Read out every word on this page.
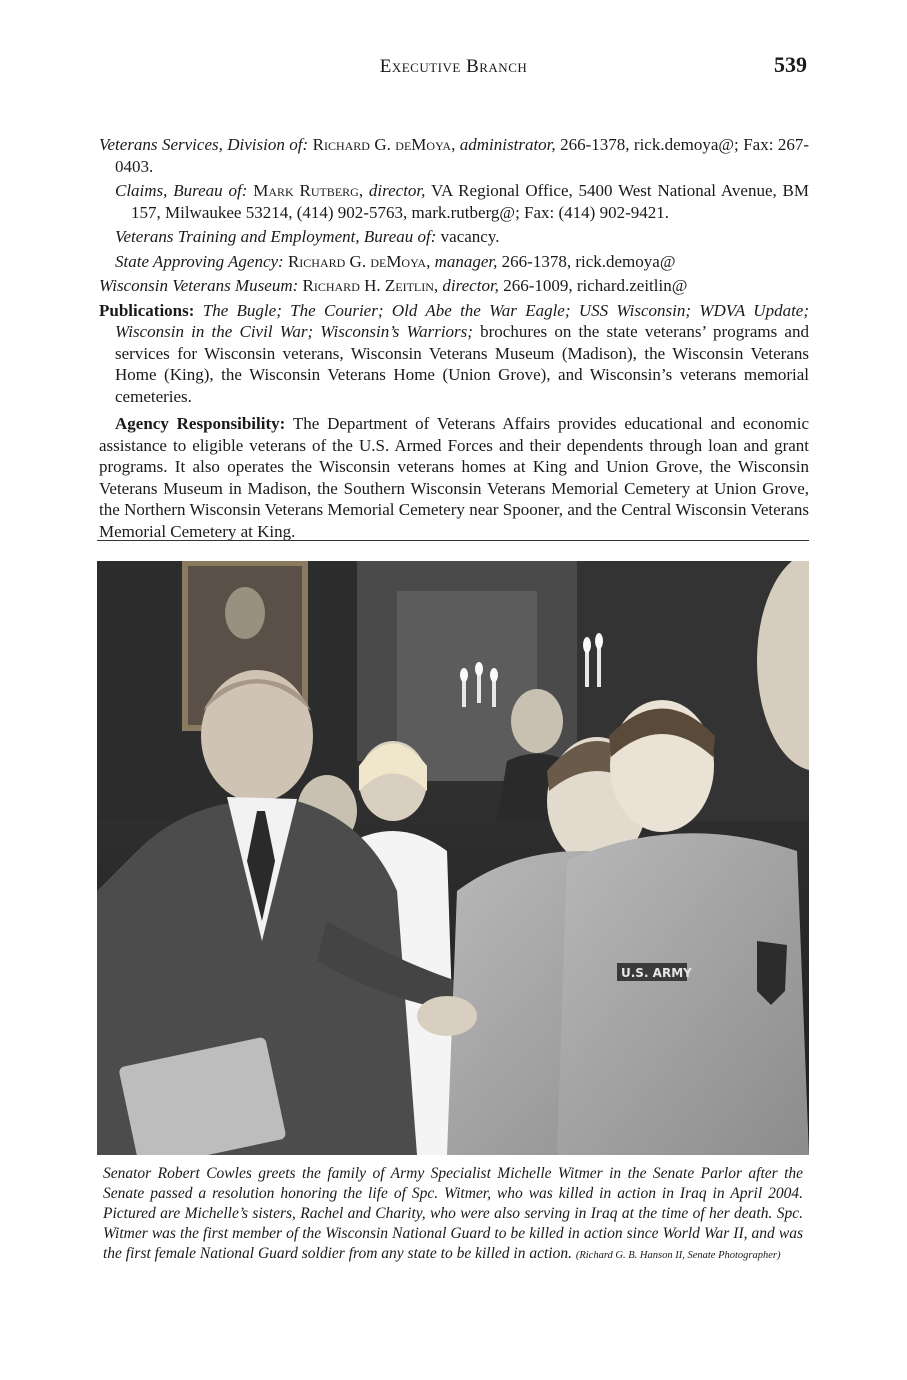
Executive Branch	539

Veterans Services, Division of: Richard G. deMoya, administrator, 266-1378, rick.demoya@; Fax: 267-0403.

Claims, Bureau of: Mark Rutberg, director, VA Regional Office, 5400 West National Avenue, BM 157, Milwaukee 53214, (414) 902-5763, mark.rutberg@; Fax: (414) 902-9421.

Veterans Training and Employment, Bureau of: vacancy.

State Approving Agency: Richard G. deMoya, manager, 266-1378, rick.demoya@

Wisconsin Veterans Museum: Richard H. Zeitlin, director, 266-1009, richard.zeitlin@

Publications: The Bugle; The Courier; Old Abe the War Eagle; USS Wisconsin; WDVA Update; Wisconsin in the Civil War; Wisconsin’s Warriors; brochures on the state veterans’ programs and services for Wisconsin veterans, Wisconsin Veterans Museum (Madison), the Wisconsin Veterans Home (King), the Wisconsin Veterans Home (Union Grove), and Wisconsin’s veterans memorial cemeteries.

Agency Responsibility: The Department of Veterans Affairs provides educational and economic assistance to eligible veterans of the U.S. Armed Forces and their dependents through loan and grant programs. It also operates the Wisconsin veterans homes at King and Union Grove, the Wisconsin Veterans Museum in Madison, the Southern Wisconsin Veterans Memorial Cemetery at Union Grove, the Northern Wisconsin Veterans Memorial Cemetery near Spooner, and the Central Wisconsin Veterans Memorial Cemetery at King.

U.S. ARMY
Senator Robert Cowles greets the family of Army Specialist Michelle Witmer in the Senate Parlor after the Senate passed a resolution honoring the life of Spc. Witmer, who was killed in action in Iraq in April 2004. Pictured are Michelle’s sisters, Rachel and Charity, who were also serving in Iraq at the time of her death. Spc. Witmer was the first member of the Wisconsin National Guard to be killed in action since World War II, and was the first female National Guard soldier from any state to be killed in action. (Richard G. B. Hanson II, Senate Photographer)
